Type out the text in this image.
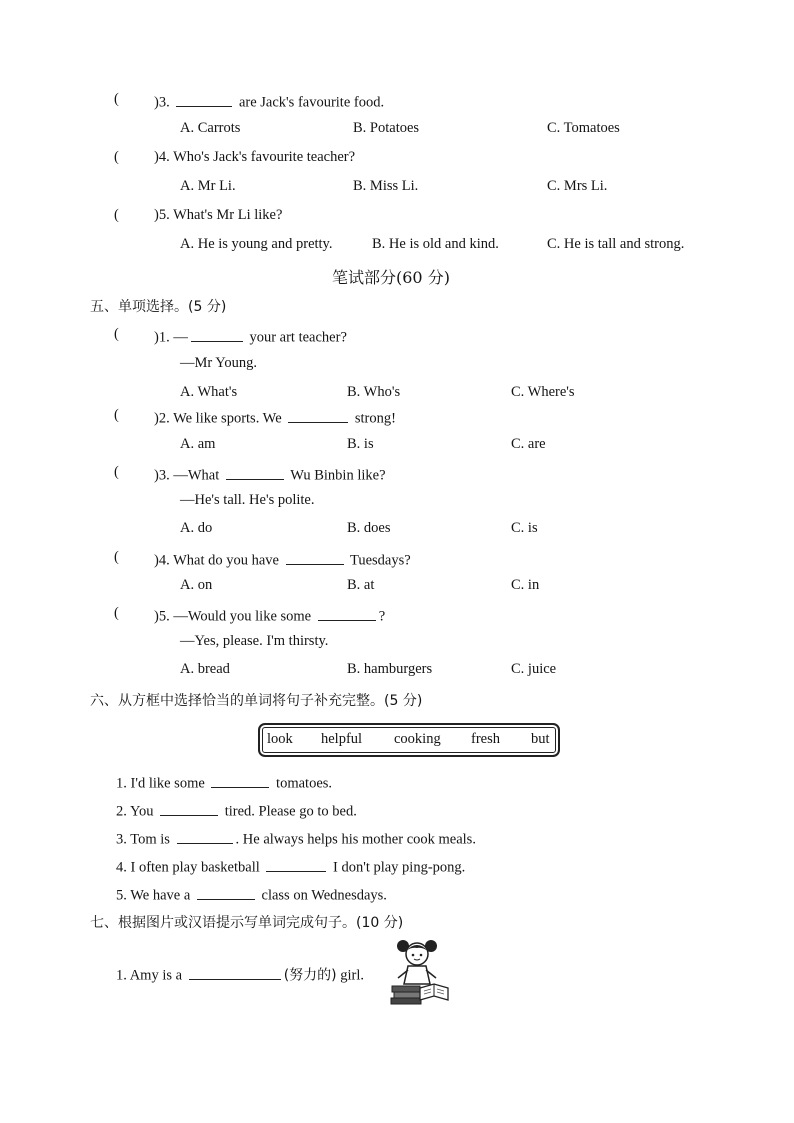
( )3.	are Jack's favourite food.
A. Carrots	B. Potatoes	C. Tomatoes
( )4. Who's Jack's favourite teacher?
A. Mr Li.	B. Miss Li.	C. Mrs Li.
( )5. What's Mr Li like?
A. He is young and pretty.	B. He is old and kind.	C. He is tall and strong.
笔试部分(60 分)
五、单项选择。(5 分)
( )1. —	your art teacher?
—Mr Young.
A. What's	B. Who's	C. Where's
( )2. We like sports. We	strong!
A. am	B. is	C. are
( )3. —What	Wu Binbin like?
—He's tall. He's polite.
A. do	B. does	C. is
( )4. What do you have	Tuesdays?
A. on	B. at	C. in
( )5. —Would you like some	?
—Yes, please. I'm thirsty.
A. bread	B. hamburgers	C. juice
六、从方框中选择恰当的单词将句子补充完整。(5 分)
look helpful cooking fresh but
1. I'd like some	tomatoes.
2. You	tired. Please go to bed.
3. Tom is	. He always helps his mother cook meals.
4. I often play basketball	I don't play ping-pong.
5. We have a	class on Wednesdays.
七、根据图片或汉语提示写单词完成句子。(10 分)
1. Amy is a	(努力的) girl.
